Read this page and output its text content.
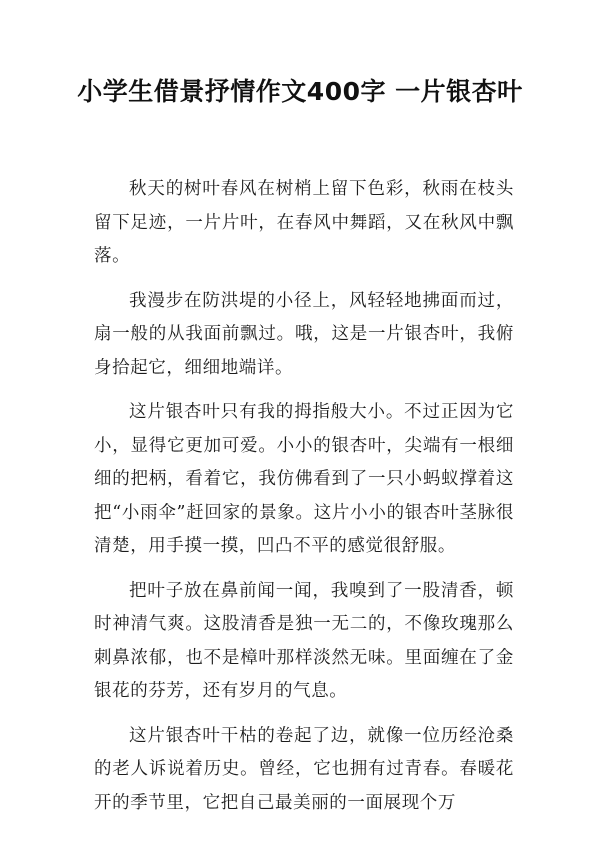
小学生借景抒情作文400字 一片银杏叶

秋天的树叶春风在树梢上留下色彩，秋雨在枝头留下足迹，一片片叶，在春风中舞蹈，又在秋风中飘落。

我漫步在防洪堤的小径上，风轻轻地拂面而过，扇一般的从我面前飘过。哦，这是一片银杏叶，我俯身拾起它，细细地端详。

这片银杏叶只有我的拇指般大小。不过正因为它小，显得它更加可爱。小小的银杏叶，尖端有一根细细的把柄，看着它，我仿佛看到了一只小蚂蚁撑着这把“小雨伞”赶回家的景象。这片小小的银杏叶茎脉很清楚，用手摸一摸，凹凸不平的感觉很舒服。

把叶子放在鼻前闻一闻，我嗅到了一股清香，顿时神清气爽。这股清香是独一无二的，不像玫瑰那么刺鼻浓郁，也不是樟叶那样淡然无味。里面缠在了金银花的芬芳，还有岁月的气息。

这片银杏叶干枯的卷起了边，就像一位历经沧桑的老人诉说着历史。曾经，它也拥有过青春。春暖花开的季节里，它把自己最美丽的一面展现个万
